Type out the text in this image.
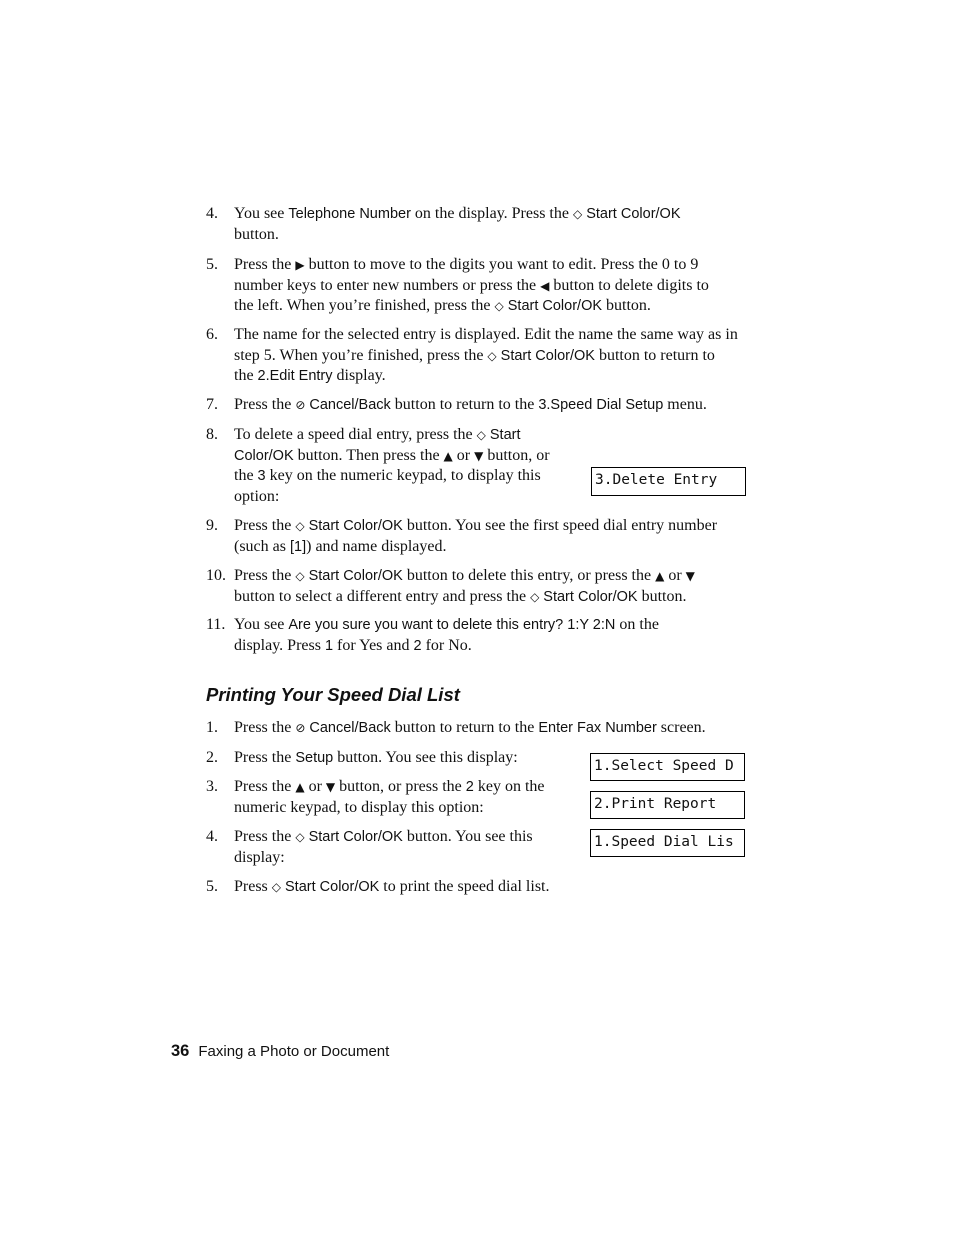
4. You see Telephone Number on the display. Press the ◇ Start Color/OK
button.
5. Press the ▶ button to move to the digits you want to edit. Press the 0 to 9
number keys to enter new numbers or press the ◀ button to delete digits to
the left. When you’re finished, press the ◇ Start Color/OK button.
6. The name for the selected entry is displayed. Edit the name the same way as in
step 5. When you’re finished, press the ◇ Start Color/OK button to return to
the 2.Edit Entry display.
7. Press the ⊘ Cancel/Back button to return to the 3.Speed Dial Setup menu.
8. To delete a speed dial entry, press the ◇ Start
Color/OK button. Then press the ▲ or ▼ button, or
the 3 key on the numeric keypad, to display this
option:
3.Delete Entry
9. Press the ◇ Start Color/OK button. You see the first speed dial entry number
(such as [1]) and name displayed.
10. Press the ◇ Start Color/OK button to delete this entry, or press the ▲ or ▼
button to select a different entry and press the ◇ Start Color/OK button.
11. You see Are you sure you want to delete this entry? 1:Y 2:N on the
display. Press 1 for Yes and 2 for No.
Printing Your Speed Dial List
1. Press the ⊘ Cancel/Back button to return to the Enter Fax Number screen.
2. Press the Setup button. You see this display:
3. Press the ▲ or ▼ button, or press the 2 key on the
numeric keypad, to display this option:
4. Press the ◇ Start Color/OK button. You see this
display:
5. Press ◇ Start Color/OK to print the speed dial list.
1.Select Speed D
2.Print Report
1.Speed Dial Lis
36 Faxing a Photo or Document
